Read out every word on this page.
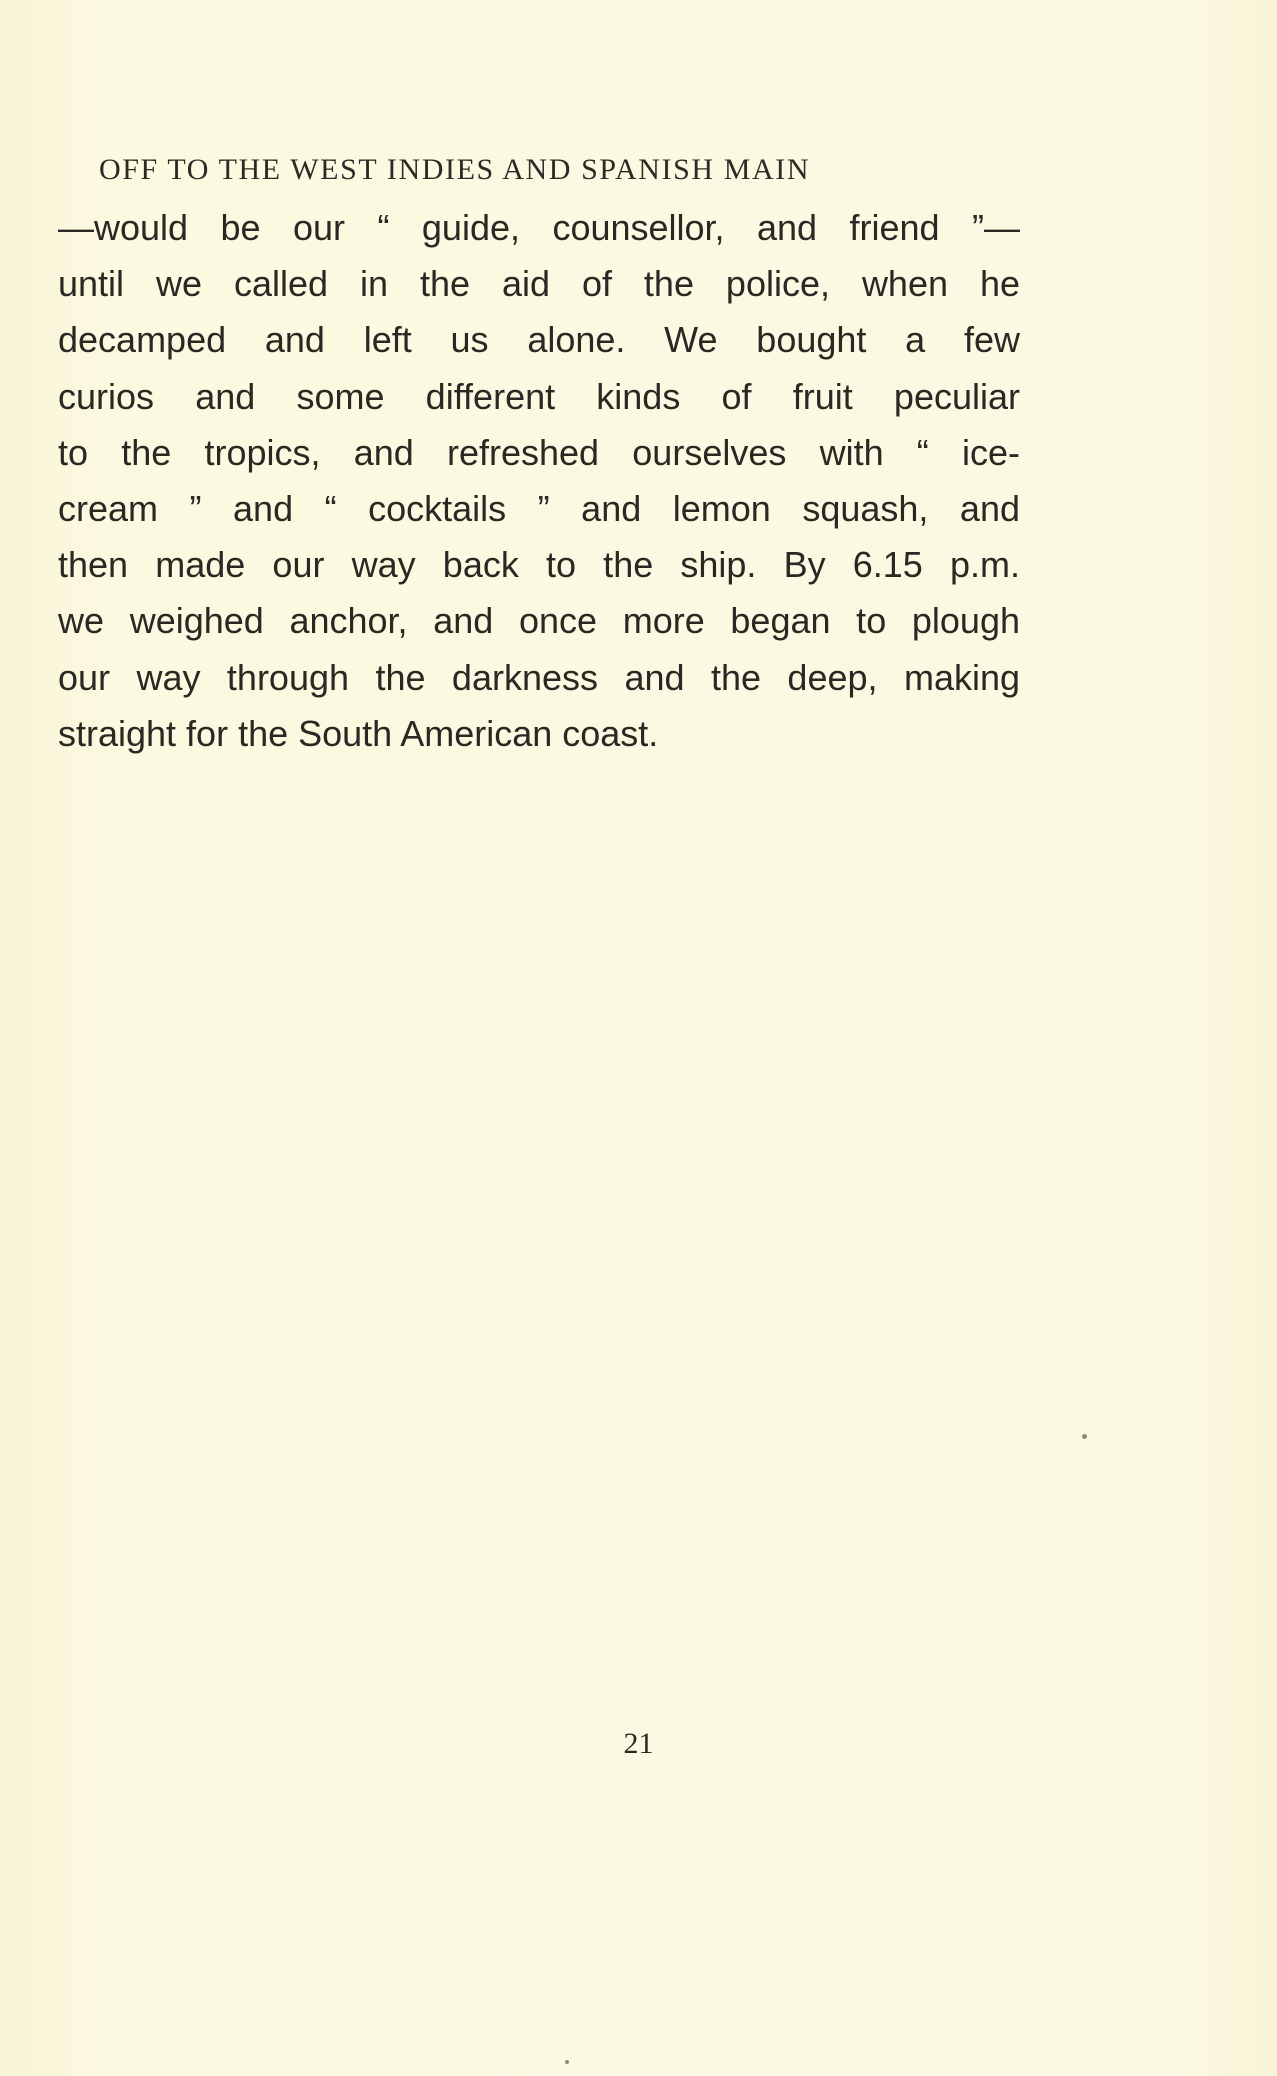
OFF TO THE WEST INDIES AND SPANISH MAIN
—would be our “ guide, counsellor, and friend ”—
until we called in the aid of the police, when he
decamped and left us alone. We bought a few
curios and some different kinds of fruit peculiar
to the tropics, and refreshed ourselves with “ ice-
cream ” and “ cocktails ” and lemon squash, and
then made our way back to the ship. By 6.15 p.m.
we weighed anchor, and once more began to plough
our way through the darkness and the deep, making
straight for the South American coast.
21
